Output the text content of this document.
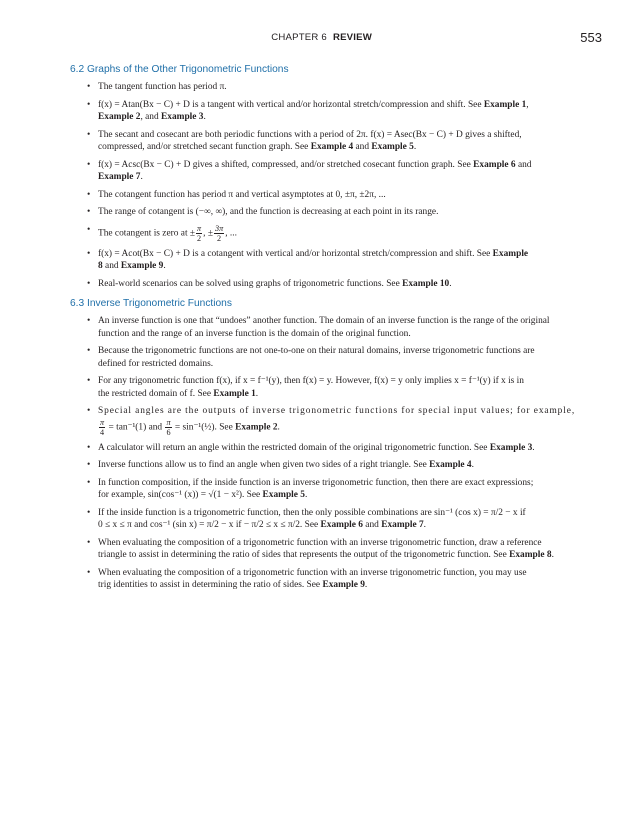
CHAPTER 6 REVIEW	553
6.2 Graphs of the Other Trigonometric Functions
• The tangent function has period π.
• f(x) = Atan(Bx − C) + D is a tangent with vertical and/or horizontal stretch/compression and shift. See Example 1,
Example 2, and Example 3.
• The secant and cosecant are both periodic functions with a period of 2π. f(x) = Asec(Bx − C) + D gives a shifted,
compressed, and/or stretched secant function graph. See Example 4 and Example 5.
• f(x) = Acsc(Bx − C) + D gives a shifted, compressed, and/or stretched cosecant function graph. See Example 6 and
Example 7.
• The cotangent function has period π and vertical asymptotes at 0, ±π, ±2π, ...
• The range of cotangent is (−∞, ∞), and the function is decreasing at each point in its range.
• The cotangent is zero at ± $\frac{\pi}{2}$ , ± $\frac{3\pi}{2}$ , ...
• f(x) = Acot(Bx − C) + D is a cotangent with vertical and/or horizontal stretch/compression and shift. See Example
8 and Example 9.
• Real-world scenarios can be solved using graphs of trigonometric functions. See Example 10.
6.3 Inverse Trigonometric Functions
• An inverse function is one that “undoes” another function. The domain of an inverse function is the range of the original
function and the range of an inverse function is the domain of the original function.
• Because the trigonometric functions are not one-to-one on their natural domains, inverse trigonometric functions are
defined for restricted domains.
• For any trigonometric function f(x), if x = f⁻¹(y), then f(x) = y. However, f(x) = y only implies x = f⁻¹(y) if x is in
the restricted domain of f. See Example 1.
• Special angles are the outputs of inverse trigonometric functions for special input values; for example,
$\frac{\pi}{4} = \tan^{-1}(1)$ and $\frac{\pi}{6}$ = sin⁻¹(½). See Example 2.
• A calculator will return an angle within the restricted domain of the original trigonometric function. See Example 3.
• Inverse functions allow us to find an angle when given two sides of a right triangle. See Example 4.
• In function composition, if the inside function is an inverse trigonometric function, then there are exact expressions;
for example, sin(cos⁻¹ (x)) = √(1 − x²). See Example 5.
• If the inside function is a trigonometric function, then the only possible combinations are sin⁻¹ (cos x) = π/2 − x if
0 ≤ x ≤ π and cos⁻¹ (sin x) = π/2 − x if − π/2 ≤ x ≤ π/2. See Example 6 and Example 7.
• When evaluating the composition of a trigonometric function with an inverse trigonometric function, draw a reference
triangle to assist in determining the ratio of sides that represents the output of the trigonometric function. See Example 8.
• When evaluating the composition of a trigonometric function with an inverse trigonometric function, you may use
trig identities to assist in determining the ratio of sides. See Example 9.
